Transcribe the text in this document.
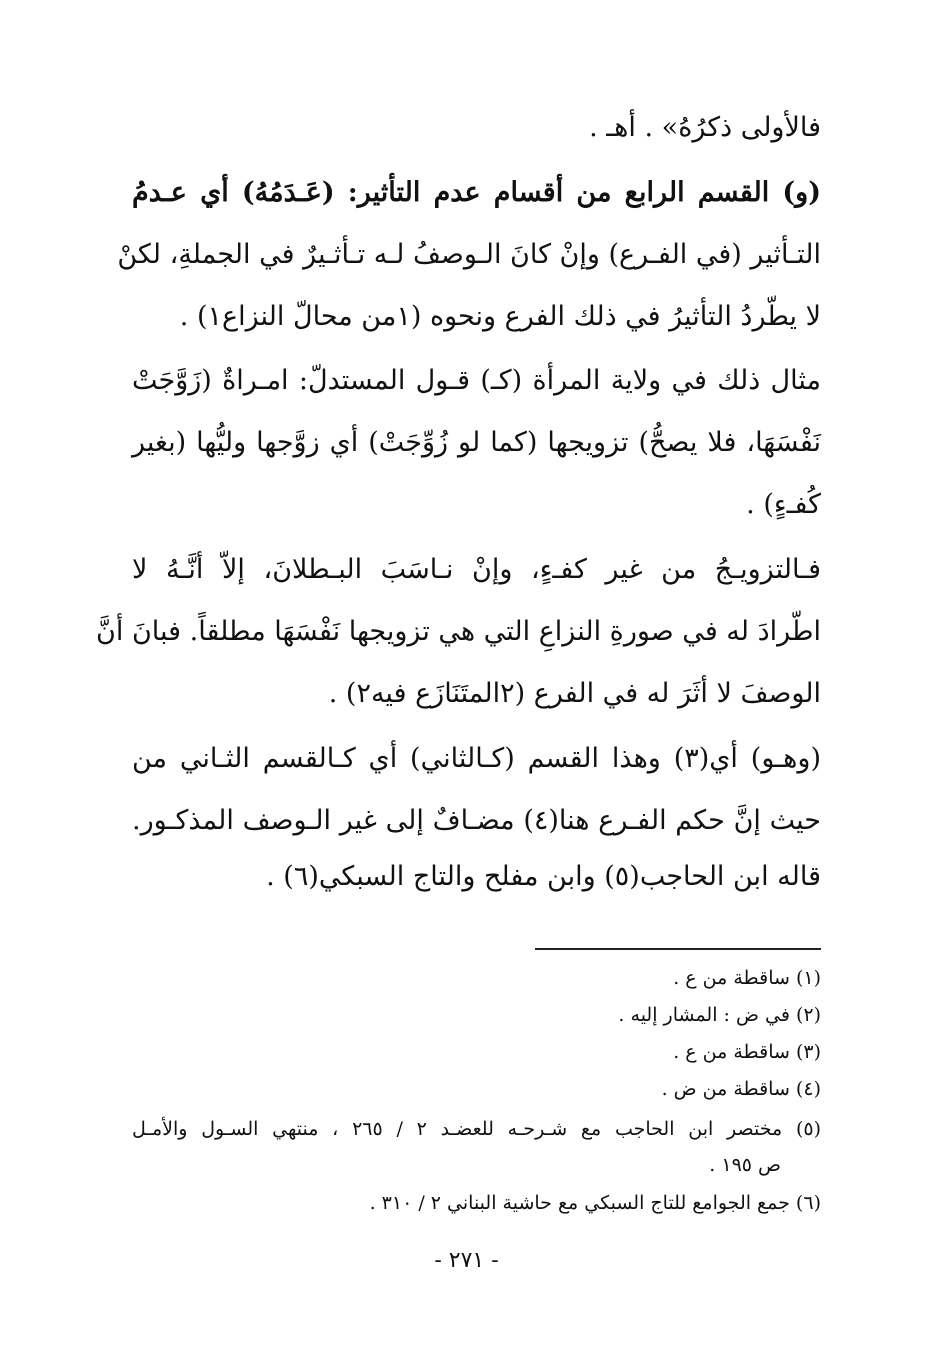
فالأولى ذكرُهُ» . أهـ .
(و) القسم الرابع من أقسام عدم التأثير: (عَـدَمُهُ) أي عـدمُ
التـأثير (في الفـرع) وإنْ كانَ الـوصفُ لـه تـأثـيرٌ في الجملةِ، لكنْ
لا يطّردُ التأثيرُ في ذلك الفرع ونحوه (١من محالّ النزاع١) .
مثال ذلك في ولاية المرأة (كـ) قـول المستدلّ: امـراةٌ (زَوَّجَتْ
نَفْسَهَا، فلا يصحُّ) تزويجها (كما لو زُوِّجَتْ) أي زوَّجها وليُّها (بغير
كُفـءٍ) .
فـالتزويـجُ من غير كفـءٍ، وإنْ نـاسَبَ البـطلانَ، إلاّ أنَّـهُ لا
اطّرادَ له في صورةِ النزاعِ التي هي تزويجها نَفْسَهَا مطلقاً. فبانَ أنَّ
الوصفَ لا أثَرَ له في الفرع (٢المتَنَازَع فيه٢) .
(وهـو) أي(٣) وهذا القسم (كـالثاني) أي كـالقسم الثـاني من
حيث إنَّ حكم الفـرع هنا(٤) مضـافٌ إلى غير الـوصف المذكـور.
قاله ابن الحاجب(٥) وابن مفلح والتاج السبكي(٦) .
(١) ساقطة من ع .
(٢) في ض : المشار إليه .
(٣) ساقطة من ع .
(٤) ساقطة من ض .
(٥) مختصر ابن الحاجب مع شـرحـه للعضـد ٢ / ٢٦٥ ، منتهي السـول والأمـل
ص ١٩٥ .
(٦) جمع الجوامع للتاج السبكي مع حاشية البناني ٢ / ٣١٠ .
- ٢٧١ -
